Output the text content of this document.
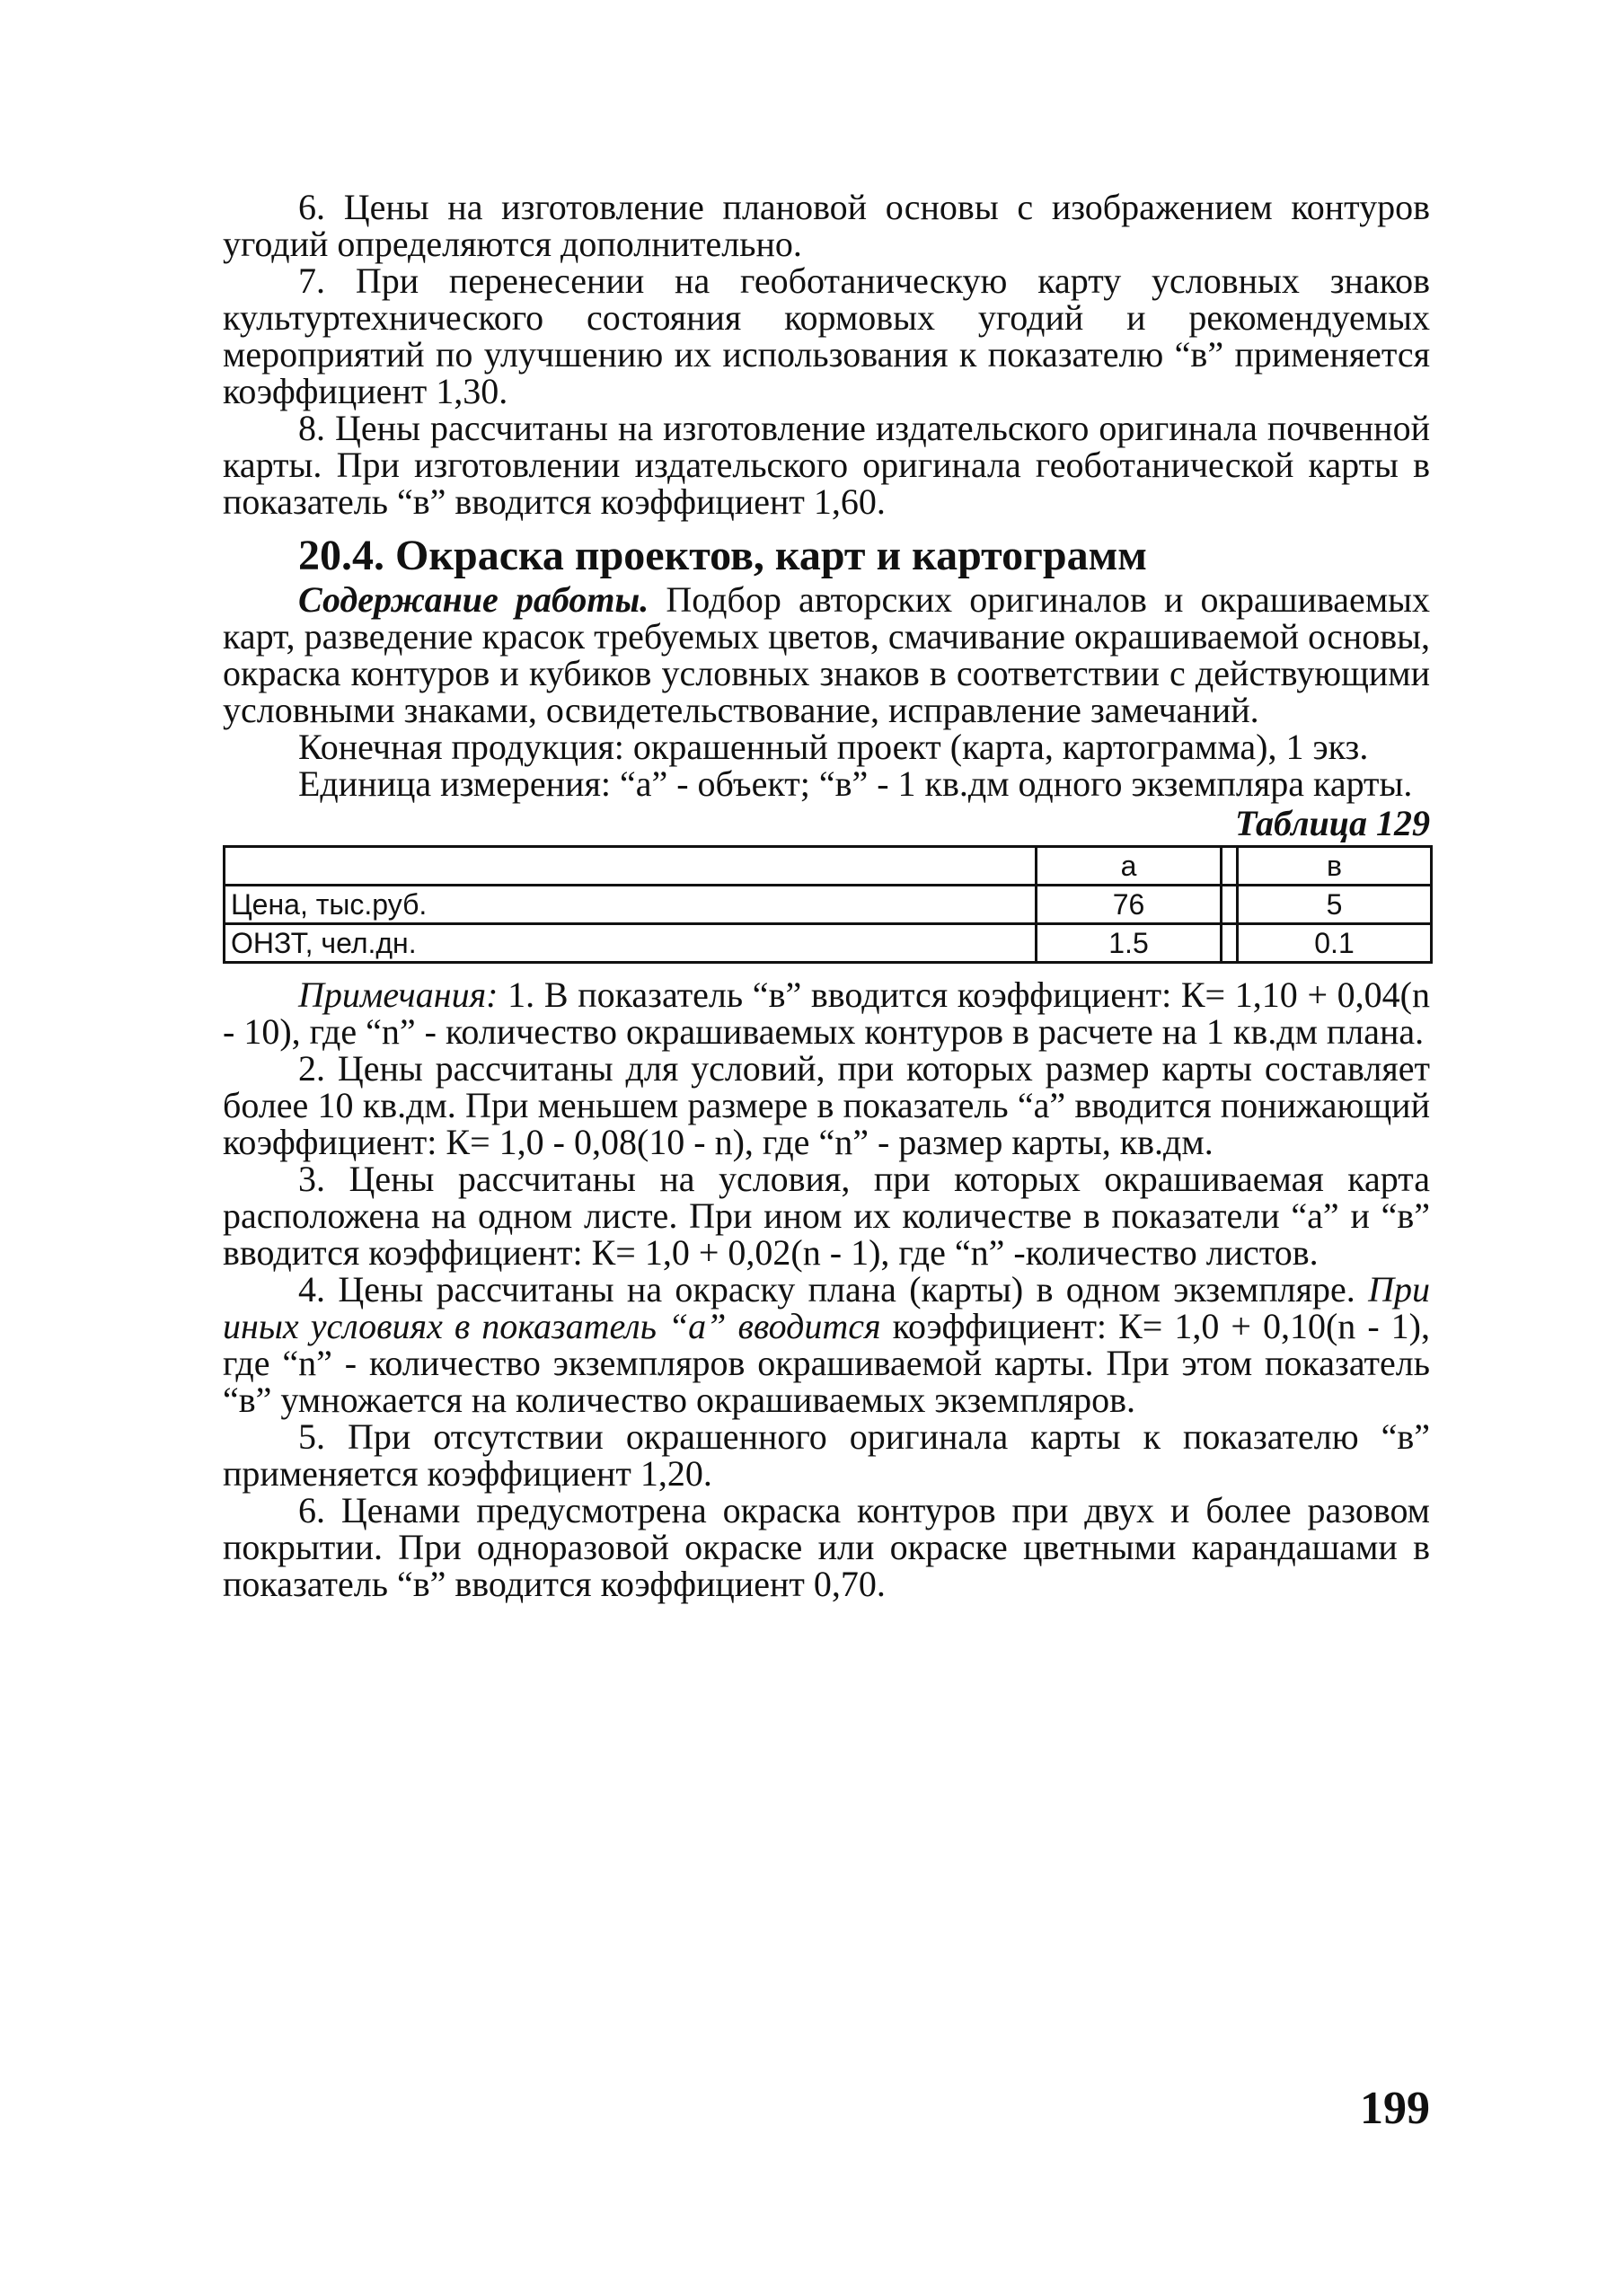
6. Цены на изготовление плановой основы с изображением контуров угодий определяются дополнительно.

7. При перенесении на геоботаническую карту условных знаков культуртехнического состояния кормовых угодий и рекомендуемых мероприятий по улучшению их использования к показателю “в” применяется коэффициент 1,30.

8. Цены рассчитаны на изготовление издательского оригинала почвенной карты. При изготовлении издательского оригинала геоботанической карты в показатель “в” вводится коэффициент 1,60.

20.4. Окраска проектов, карт и картограмм

Содержание работы. Подбор авторских оригиналов и окрашиваемых карт, разведение красок требуемых цветов, смачивание окрашиваемой основы, окраска контуров и кубиков условных знаков в соответствии с действующими условными знаками, освидетельствование, исправление замечаний.

Конечная продукция: окрашенный проект (карта, картограмма), 1 экз.

Единица измерения: “а” - объект; “в” - 1 кв.дм одного экземпляра карты.

Таблица 129
	а		в
Цена, тыс.руб.	76		5
ОНЗТ, чел.дн.	1.5		0.1

Примечания: 1. В показатель “в” вводится коэффициент: К= 1,10 + 0,04(n - 10), где “n” - количество окрашиваемых контуров в расчете на 1 кв.дм плана.

2. Цены рассчитаны для условий, при которых размер карты составляет более 10 кв.дм. При меньшем размере в показатель “а” вводится понижающий коэффициент: К= 1,0 - 0,08(10 - n), где “n” - размер карты, кв.дм.

3. Цены рассчитаны на условия, при которых окрашиваемая карта расположена на одном листе. При ином их количестве в показатели “а” и “в” вводится коэффициент: К= 1,0 + 0,02(n - 1), где “n” -количество листов.

4. Цены рассчитаны на окраску плана (карты) в одном экземпляре. При иных условиях в показатель “а” вводится коэффициент: К= 1,0 + 0,10(n - 1), где “n” - количество экземпляров окрашиваемой карты. При этом показатель “в” умножается на количество окрашиваемых экземпляров.

5. При отсутствии окрашенного оригинала карты к показателю “в” применяется коэффициент 1,20.

6. Ценами предусмотрена окраска контуров при двух и более разовом покрытии. При одноразовой окраске или окраске цветными карандашами в показатель “в” вводится коэффициент 0,70.

199
